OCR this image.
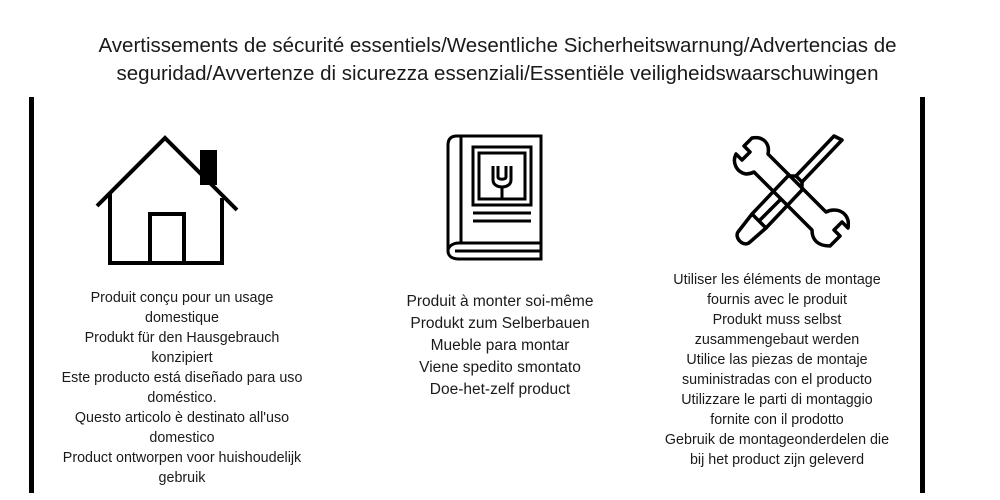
Avertissements de sécurité essentiels/Wesentliche Sicherheitswarnung/Advertencias de
seguridad/Avvertenze di sicurezza essenziali/Essentiële veiligheidswaarschuwingen
Produit conçu pour un usage
domestique
Produkt für den Hausgebrauch
konzipiert
Este producto está diseñado para uso
doméstico.
Questo articolo è destinato all'uso
domestico
Product ontworpen voor huishoudelijk
gebruik
Produit à monter soi-même
Produkt zum Selberbauen
Mueble para montar
Viene spedito smontato
Doe-het-zelf product
Utiliser les éléments de montage
fournis avec le produit
Produkt muss selbst
zusammengebaut werden
Utilice las piezas de montaje
suministradas con el producto
Utilizzare le parti di montaggio
fornite con il prodotto
Gebruik de montageonderdelen die
bij het product zijn geleverd
